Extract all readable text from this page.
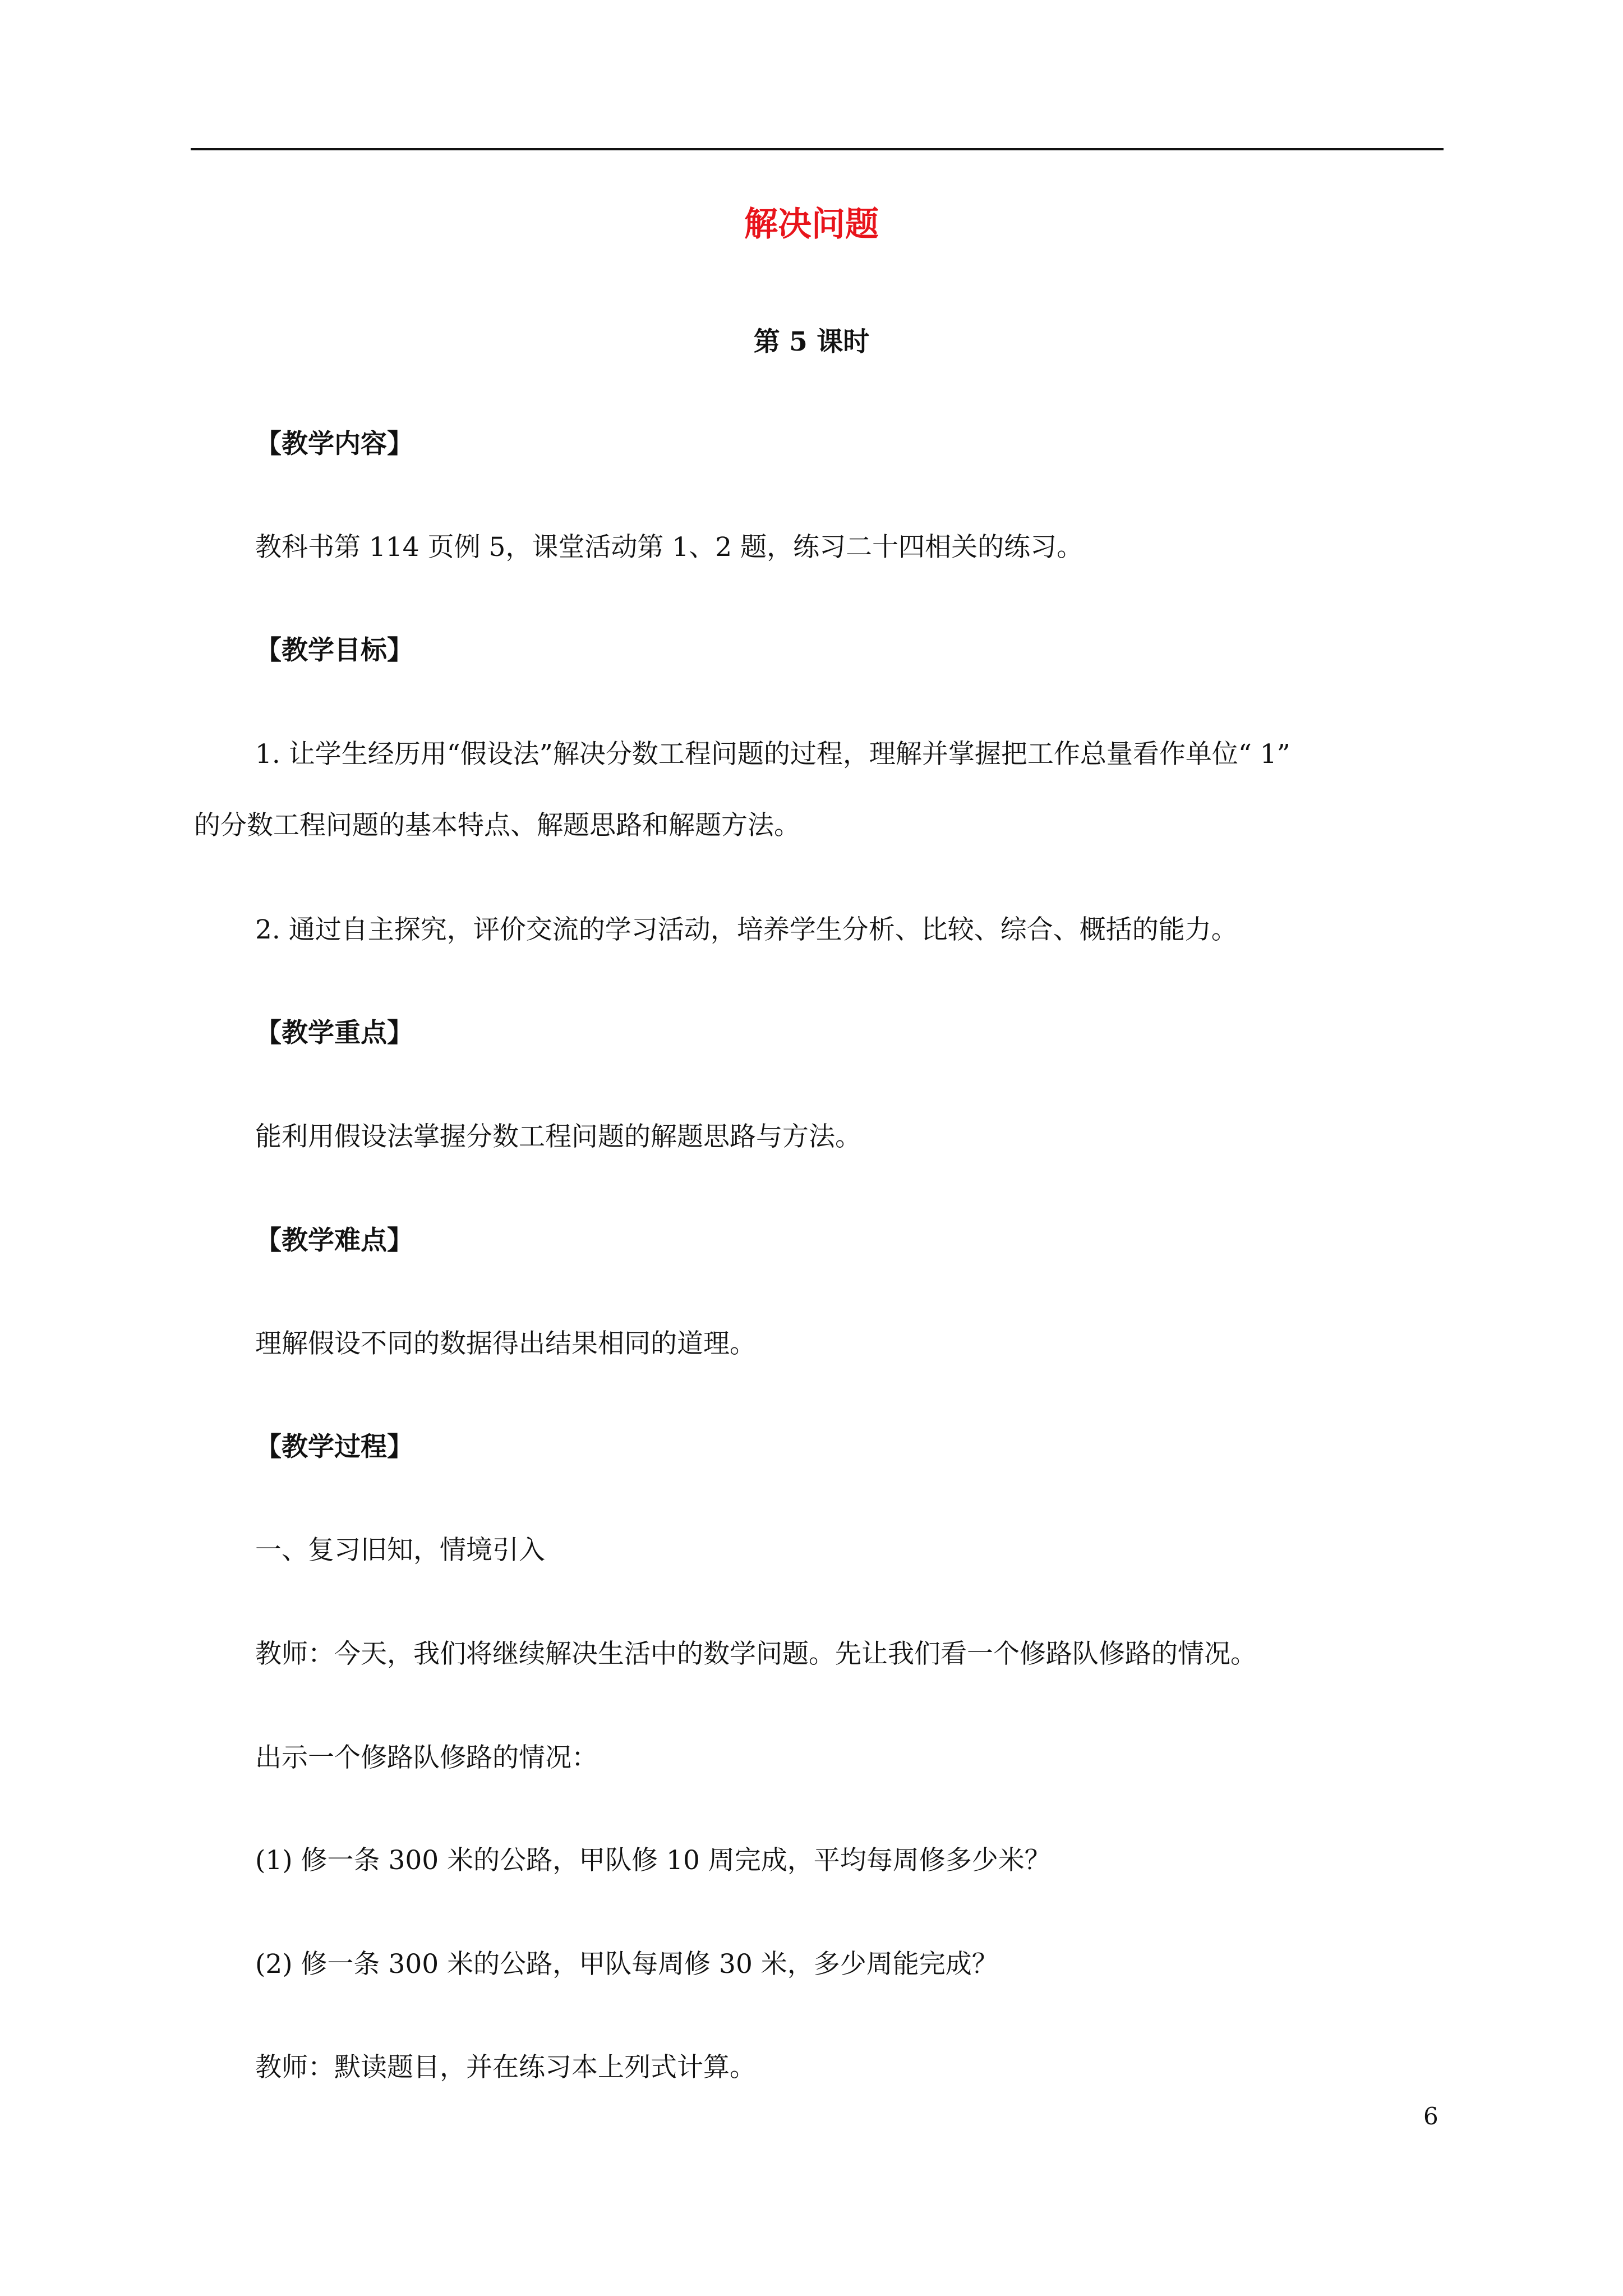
解决问题
第 5 课时
【教学内容】
教科书第 114 页例 5，课堂活动第 1、2 题，练习二十四相关的练习。
【教学目标】
1. 让学生经历用“假设法”解决分数工程问题的过程，理解并掌握把工作总量看作单位“ 1”
的分数工程问题的基本特点、解题思路和解题方法。
2. 通过自主探究，评价交流的学习活动，培养学生分析、比较、综合、概括的能力。
【教学重点】
能利用假设法掌握分数工程问题的解题思路与方法。
【教学难点】
理解假设不同的数据得出结果相同的道理。
【教学过程】
一、复习旧知，情境引入
教师：今天，我们将继续解决生活中的数学问题。先让我们看一个修路队修路的情况。
出示一个修路队修路的情况：
(1) 修一条 300 米的公路，甲队修 10 周完成，平均每周修多少米？
(2) 修一条 300 米的公路，甲队每周修 30 米，多少周能完成？
教师：默读题目，并在练习本上列式计算。
6
